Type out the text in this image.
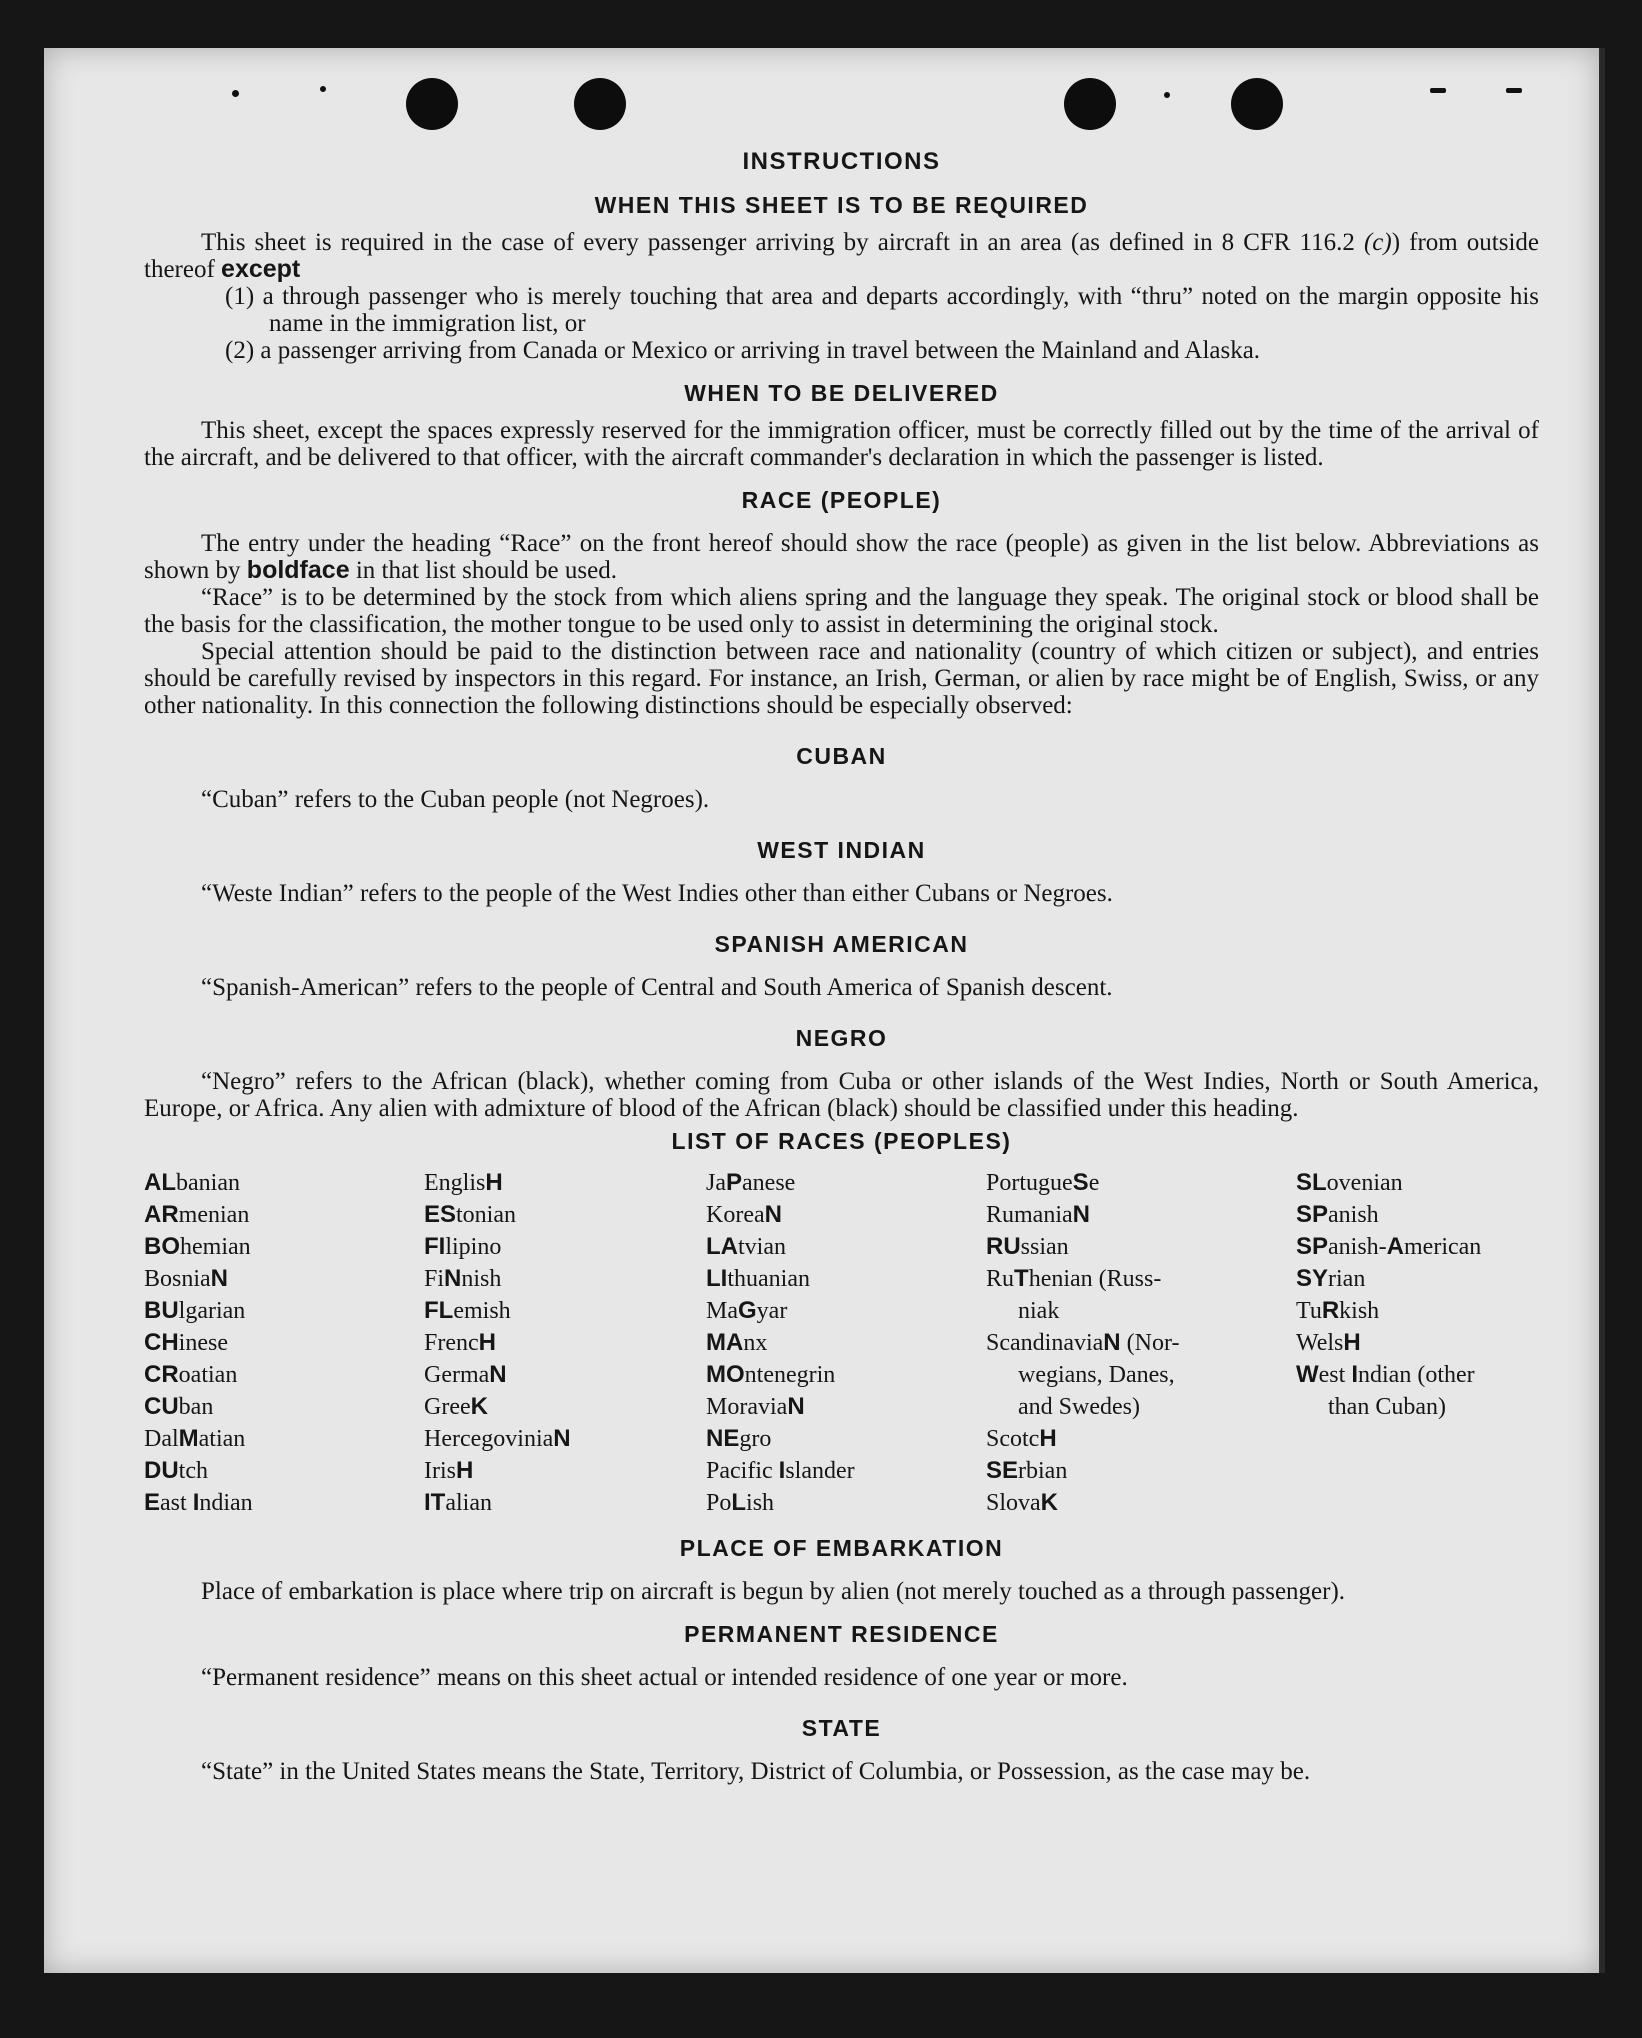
INSTRUCTIONS

WHEN THIS SHEET IS TO BE REQUIRED

This sheet is required in the case of every passenger arriving by aircraft in an area (as defined in 8 CFR 116.2 (c)) from outside thereof except

(1) a through passenger who is merely touching that area and departs accordingly, with “thru” noted on the margin opposite his name in the immigration list, or

(2) a passenger arriving from Canada or Mexico or arriving in travel between the Mainland and Alaska.

WHEN TO BE DELIVERED

This sheet, except the spaces expressly reserved for the immigration officer, must be correctly filled out by the time of the arrival of the aircraft, and be delivered to that officer, with the aircraft commander's declaration in which the passenger is listed.

RACE (PEOPLE)

The entry under the heading “Race” on the front hereof should show the race (people) as given in the list below. Abbreviations as shown by boldface in that list should be used.

“Race” is to be determined by the stock from which aliens spring and the language they speak. The original stock or blood shall be the basis for the classification, the mother tongue to be used only to assist in determining the original stock.

Special attention should be paid to the distinction between race and nationality (country of which citizen or subject), and entries should be carefully revised by inspectors in this regard. For instance, an Irish, German, or alien by race might be of English, Swiss, or any other nationality. In this connection the following distinctions should be especially observed:

CUBAN

“Cuban” refers to the Cuban people (not Negroes).

WEST INDIAN

“Weste Indian” refers to the people of the West Indies other than either Cubans or Negroes.

SPANISH AMERICAN

“Spanish-American” refers to the people of Central and South America of Spanish descent.

NEGRO

“Negro” refers to the African (black), whether coming from Cuba or other islands of the West Indies, North or South America, Europe, or Africa. Any alien with admixture of blood of the African (black) should be classified under this heading.

LIST OF RACES (PEOPLES)

ALbanian
ARmenian
BOhemian
BosniaN
BUlgarian
CHinese
CRoatian
CUban
DalMatian
DUtch
East Indian
EnglisH
EStonian
FIlipino
FiNnish
FLemish
FrencH
GermaN
GreeK
HercegoviniaN
IrisH
ITalian
JaPanese
KoreaN
LAtvian
LIthuanian
MaGyar
MAnx
MOntenegrin
MoraviaN
NEgro
Pacific Islander
PoLish
PortugueSe
RumaniaN
RUssian
RuThenian (Russ-
niak
ScandinaviaN (Nor-
wegians, Danes,
and Swedes)
ScotcH
SErbian
SlovaK
SLovenian
SPanish
SPanish-American
SYrian
TuRkish
WelsH
West Indian (other
than Cuban)

PLACE OF EMBARKATION

Place of embarkation is place where trip on aircraft is begun by alien (not merely touched as a through passenger).

PERMANENT RESIDENCE

“Permanent residence” means on this sheet actual or intended residence of one year or more.

STATE

“State” in the United States means the State, Territory, District of Columbia, or Possession, as the case may be.
